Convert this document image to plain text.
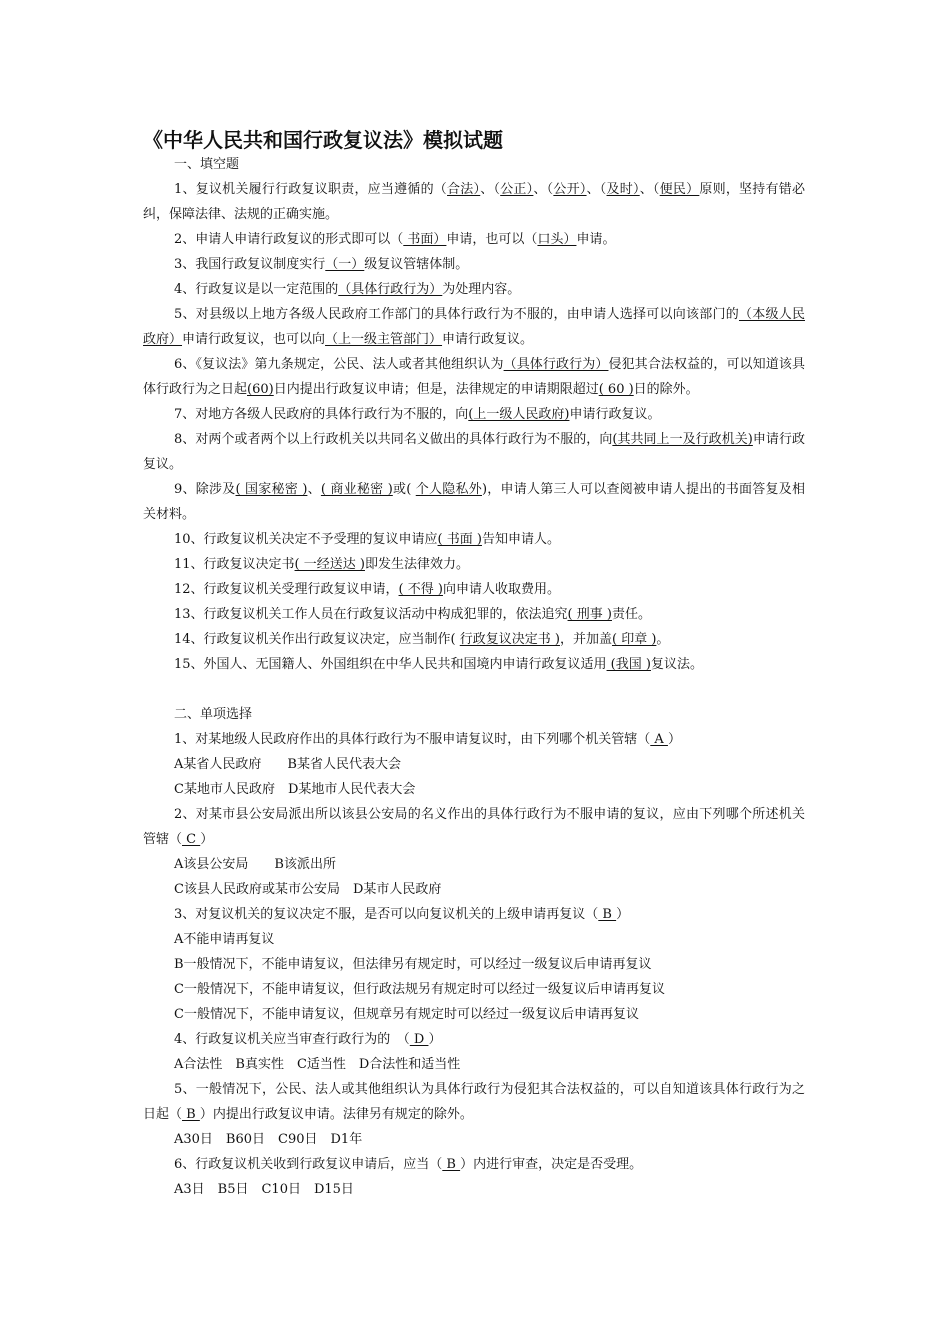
《中华人民共和国行政复议法》模拟试题

一、填空题

1、复议机关履行行政复议职责，应当遵循的（合法）、（公正）、（公开）、（及时）、（便民）原则，坚持有错必纠，保障法律、法规的正确实施。

2、申请人申请行政复议的形式即可以（ 书面）申请，也可以（口头）申请。

3、我国行政复议制度实行（一）级复议管辖体制。

4、行政复议是以一定范围的（具体行政行为）为处理内容。

5、对县级以上地方各级人民政府工作部门的具体行政行为不服的，由申请人选择可以向该部门的（本级人民政府）申请行政复议，也可以向（上一级主管部门）申请行政复议。

6、《复议法》第九条规定，公民、法人或者其他组织认为（具体行政行为）侵犯其合法权益的，可以知道该具体行政行为之日起(60)日内提出行政复议申请；但是，法律规定的申请期限超过( 60 )日的除外。

7、对地方各级人民政府的具体行政行为不服的，向(上一级人民政府)申请行政复议。

8、对两个或者两个以上行政机关以共同名义做出的具体行政行为不服的，向(其共同上一及行政机关)申请行政复议。

9、除涉及( 国家秘密 )、( 商业秘密 )或( 个人隐私外)，申请人第三人可以查阅被申请人提出的书面答复及相关材料。

10、行政复议机关决定不予受理的复议申请应( 书面 )告知申请人。

11、行政复议决定书( 一经送达 )即发生法律效力。

12、行政复议机关受理行政复议申请，( 不得 )向申请人收取费用。

13、行政复议机关工作人员在行政复议活动中构成犯罪的，依法追究( 刑事 )责任。

14、行政复议机关作出行政复议决定，应当制作( 行政复议决定书 )，并加盖( 印章 )。

15、外国人、无国籍人、外国组织在中华人民共和国境内申请行政复议适用 (我国 )复议法。

二、单项选择

1、对某地级人民政府作出的具体行政行为不服申请复议时，由下列哪个机关管辖（ A ）

A某省人民政府　　B某省人民代表大会

C某地市人民政府　D某地市人民代表大会

2、对某市县公安局派出所以该县公安局的名义作出的具体行政行为不服申请的复议，应由下列哪个所述机关管辖（ C ）

A该县公安局　　B该派出所

C该县人民政府或某市公安局　D某市人民政府

3、对复议机关的复议决定不服，是否可以向复议机关的上级申请再复议（ B ）

A不能申请再复议

B一般情况下，不能申请复议，但法律另有规定时，可以经过一级复议后申请再复议

C一般情况下，不能申请复议，但行政法规另有规定时可以经过一级复议后申请再复议

C一般情况下，不能申请复议，但规章另有规定时可以经过一级复议后申请再复议

4、行政复议机关应当审查行政行为的　（ D ）

A合法性　B真实性　C适当性　D合法性和适当性

5、一般情况下，公民、法人或其他组织认为具体行政行为侵犯其合法权益的，可以自知道该具体行政行为之日起（ B ）内提出行政复议申请。法律另有规定的除外。

A30日　B60日　C90日　D1年

6、行政复议机关收到行政复议申请后，应当（ B ）内进行审查，决定是否受理。

A3日　B5日　C10日　D15日
